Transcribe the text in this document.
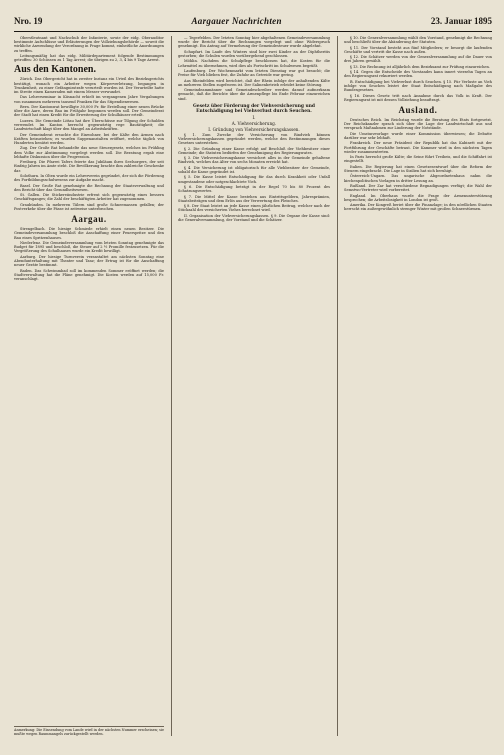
Nro. 19	Aargauer Nachrichten	23. Januar 1895

Oberstleutnant und Nachschub der Infanterie, sowie der eidg. Oberauditor bestimmte Aufschlüsse und Erläuterungen der Vollziehungsbehörde — soweit die wirkliche Anwendung der Verordnung in Frage kommt, einheitliche Anordnungen zu treffen.

Leitungsmäßig hat das eidg. Militärdepartement folgende Bestimmungen getroffen: 30 Schüssen zu 1 Tag Arrest; die übrigen zu 2, 3, 4 bis 9 Tage Arrest.

Aus den Kantonen.

Zürich. Das Obergericht hat in zweiter Instanz ein Urteil des Bezirksgerichts bestätigt, wonach ein Arbeiter wegen Körperverletzung, begangen in Trunkenheit, zu einer Gefängnisstrafe verurteilt worden ist. Der Verurteilte hatte im Streite einen Kameraden mit einem Messer verwundet.

Das Lehrerseminar in Küsnacht erhielt im vergangenen Jahre Vergabungen von zusammen mehreren tausend Franken für das Stipendienwesen.

Bern. Der Kantonsrat bewilligte 30,000 Fr. für Erstellung einer neuen Brücke über die Aare, deren Bau im Frühjahr begonnen werden soll. Der Gemeinderat der Stadt hat einen Kredit für die Erweiterung der Schulhäuser erteilt.

Luzern. Die Gemeinde Littau hat ihre Überschüsse zur Tilgung der Schulden verwendet. Im Kanton herrscht gegenwärtig rege Bautätigkeit; die Landwirtschaft klagt über den Mangel an Arbeitskräften.

Der Gemeinderat ersuchte die Einwohner, bei der Kälte den Armen nach Kräften beizustehen; es wurden Suppenanstalten eröffnet, welche täglich von Hunderten benützt werden.

Zug. Der Große Rat behandelte das neue Steuergesetz, welches im Frühling dem Volke zur Abstimmung vorgelegt werden soll. Die Beratung ergab eine lebhafte Diskussion über die Progression.

Freiburg. Die Pfarrei Tafers feierte das Jubiläum ihres Seelsorgers, der seit fünfzig Jahren im Amte steht. Die Bevölkerung brachte ihm zahlreiche Geschenke dar.

Solothurn. In Olten wurde ein Lehrerverein gegründet, der sich die Förderung des Fortbildungsschulwesens zur Aufgabe macht.

Basel. Der Große Rat genehmigte die Rechnung der Staatsverwaltung und den Bericht über das Gesundheitswesen.

St. Gallen. Die Stickereiindustrie erfreut sich gegenwärtig eines bessern Geschäftsganges; die Zahl der beschäftigten Arbeiter hat zugenommen.

Graubünden. In mehreren Tälern sind große Schneemassen gefallen; der Postverkehr über die Pässe ist zeitweise unterbrochen.

Aargau.

Strengelbach. Die hiesige Schmiede erhielt einen neuen Besitzer. Die Gemeindeversammlung beschloß die Anschaffung einer Feuerspritze und den Bau eines Spritzenhauses.

Niederlenz. Die Gemeindeversammlung vom letzten Sonntag genehmigte das Budget für 1895 und beschloß, die Steuer auf 2 ½ Promille festzusetzen. Für die Vergrößerung des Schulhauses wurde ein Kredit bewilligt.

Aarburg. Der hiesige Turnverein veranstaltet am nächsten Sonntag eine Abendunterhaltung mit Theater und Tanz; der Ertrag ist für die Anschaffung neuer Geräte bestimmt.

Baden. Das Schwimmbad soll im kommenden Sommer eröffnet werden; die Stadtverwaltung hat die Pläne genehmigt. Die Kosten werden auf 15,000 Fr. veranschlagt.

Anmerkung: Die Einsendung vom Lande wird in der nächsten Nummer erscheinen; sie mußte wegen Raummangels zurückgestellt werden.

— Tegerfelden. Der letzten Sonntag hier abgehaltenen Gemeindeversammlung wurde der Bericht über die Rechnungen vorgelegt und ohne Widerspruch genehmigt. Ein Antrag auf Vermehrung der Gemeindesteuer wurde abgelehnt.

Schupfart. Im Laufe des Winters sind hier zwei Kinder an der Diphtheritis gestorben; die Schulen wurden vorübergehend geschlossen.

Möhlin. Nachdem die Schulpflege beschlossen hat, die Kosten für die Lehrmittel zu übernehmen, wird dies als Fortschritt im Schulwesen begrüßt.

Laufenburg. Der Wochenmarkt vom letzten Dienstag war gut besucht; die Preise für Vieh blieben fest, die Zufuhr an Getreide war gering.

Aus Rheinfelden wird berichtet, daß der Rhein infolge der anhaltenden Kälte an mehreren Stellen zugefroren ist. Der Salinenbetrieb erleidet keine Störung.

Gemeindeammänner und Gemeindeschreiber werden darauf aufmerksam gemacht, daß die Berichte über die Armenpflege bis Ende Februar einzureichen sind.

Gesetz über Förderung der Viehversicherung und Entschädigung bei Viehverlust durch Seuchen.

I.

A. Viehversicherung.

I. Gründung von Viehversicherungskassen.

§ 1. Zum Zwecke der Versicherung von Rindvieh können Viehversicherungskassen gegründet werden, welche den Bestimmungen dieses Gesetzes unterstehen.

§ 2. Die Gründung einer Kasse erfolgt auf Beschluß der Viehbesitzer einer Gemeinde; die Statuten bedürfen der Genehmigung des Regierungsrates.

§ 3. Die Viehversicherungskasse versichert alles in der Gemeinde gehaltene Rindvieh, welches das Alter von sechs Monaten erreicht hat.

§ 4. Die Versicherung ist obligatorisch für alle Viehbesitzer der Gemeinde, sobald die Kasse gegründet ist.

§ 5. Die Kasse leistet Entschädigung für das durch Krankheit oder Unfall umgestandene oder notgeschlachtete Vieh.

§ 6. Die Entschädigung beträgt in der Regel 70 bis 80 Prozent des Schatzungswertes.

§ 7. Die Mittel der Kasse bestehen aus Eintrittsgeldern, Jahresprämien, Staatsbeiträgen und dem Erlös aus der Verwertung des Fleisches.

§ 8. Der Staat leistet an jede Kasse einen jährlichen Beitrag, welcher nach der Stückzahl des versicherten Viehes berechnet wird.

II. Organisation der Viehversicherungskassen. § 9. Die Organe der Kasse sind: die Generalversammlung, der Vorstand und die Schätzer.

§ 10. Die Generalversammlung wählt den Vorstand, genehmigt die Rechnung und beschließt über die Abänderung der Statuten.

§ 11. Der Vorstand besteht aus fünf Mitgliedern; er besorgt die laufenden Geschäfte und vertritt die Kasse nach außen.

§ 12. Die Schätzer werden von der Generalversammlung auf die Dauer von drei Jahren gewählt.

§ 13. Die Rechnung ist alljährlich dem Bezirksamt zur Prüfung einzureichen.

§ 14. Gegen die Entscheide des Vorstandes kann innert vierzehn Tagen an den Regierungsrat rekurriert werden.

B. Entschädigung bei Viehverlust durch Seuchen. § 15. Für Verluste an Vieh infolge von Seuchen leistet der Staat Entschädigung nach Maßgabe des Bundesgesetzes.

§ 16. Dieses Gesetz tritt nach Annahme durch das Volk in Kraft. Der Regierungsrat ist mit dessen Vollziehung beauftragt.

Ausland.

Deutsches Reich. Im Reichstag wurde die Beratung des Etats fortgesetzt. Der Reichskanzler sprach sich über die Lage der Landwirtschaft aus und versprach Maßnahmen zur Linderung der Notstände.

Die Umsturzvorlage wurde einer Kommission überwiesen; die Debatte darüber war sehr lebhaft.

Frankreich. Der neue Präsident der Republik hat das Kabinett mit der Fortführung der Geschäfte betraut. Die Kammer wird in den nächsten Tagen wieder zusammentreten.

In Paris herrscht große Kälte; die Seine führt Treibeis, und die Schiffahrt ist eingestellt.

Italien. Die Regierung hat einen Gesetzesentwurf über die Reform der Steuern eingebracht. Die Lage in Sizilien hat sich beruhigt.

Österreich-Ungarn. Das ungarische Abgeordnetenhaus nahm die kirchenpolitischen Vorlagen in dritter Lesung an.

Rußland. Der Zar hat verschiedene Begnadigungen verfügt; die Wahl der Semstwo-Vertreter wird vorbereitet.

England. Im Oberhaus wurde die Frage der Armenunterstützung besprochen; die Arbeitslosigkeit in London ist groß.

Amerika. Der Kongreß beriet über die Finanzlage; in den nördlichen Staaten herrscht ein außergewöhnlich strenger Winter mit großen Schneestürmen.
